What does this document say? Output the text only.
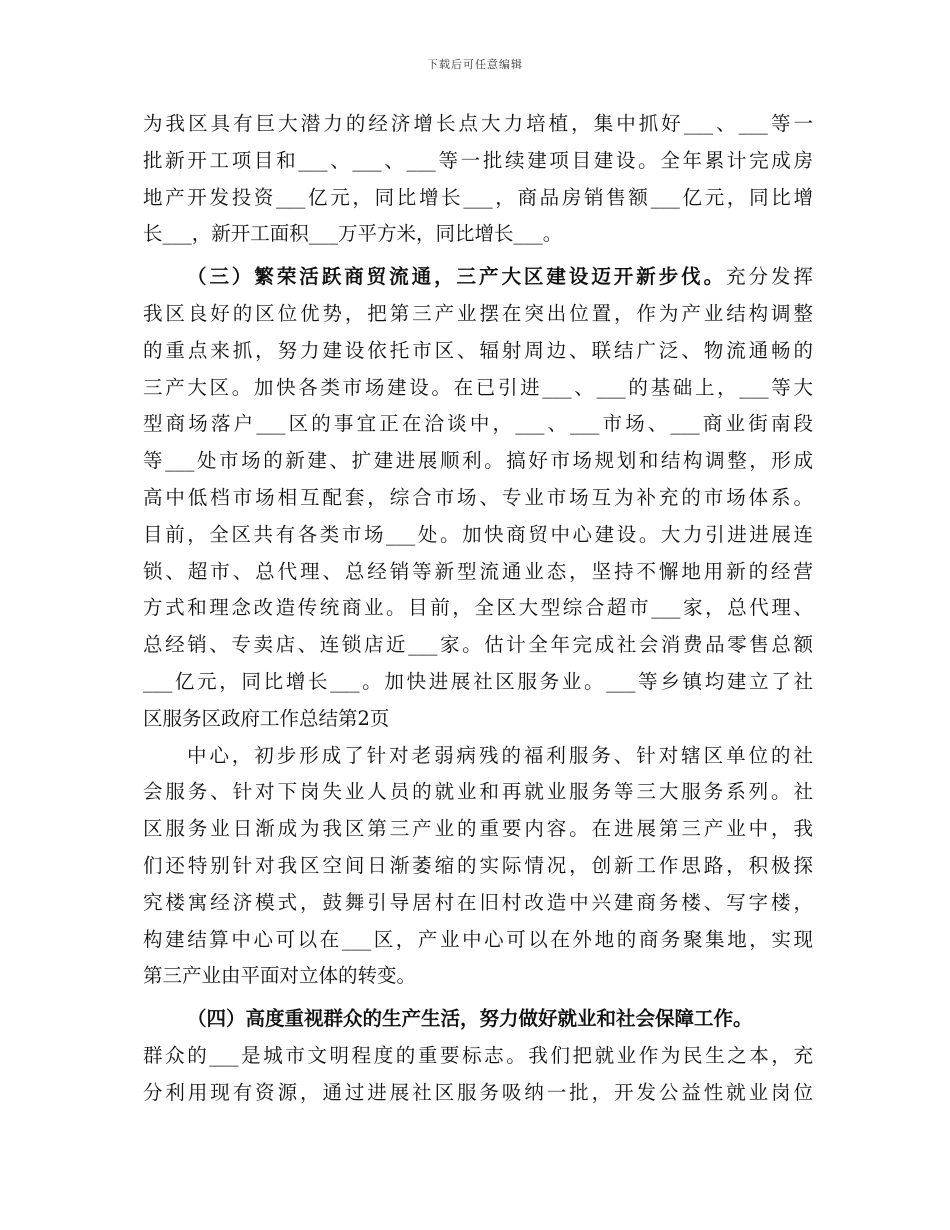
下载后可任意编辑
为我区具有巨大潜力的经济增长点大力培植，集中抓好___、___等一
批新开工项目和___、___、___等一批续建项目建设。全年累计完成房
地产开发投资___亿元，同比增长___，商品房销售额___亿元，同比增
长___，新开工面积___万平方米，同比增长___。
（三）繁荣活跃商贸流通，三产大区建设迈开新步伐。充分发挥
我区良好的区位优势，把第三产业摆在突出位置，作为产业结构调整
的重点来抓，努力建设依托市区、辐射周边、联结广泛、物流通畅的
三产大区。加快各类市场建设。在已引进___、___的基础上，___等大
型商场落户___区的事宜正在洽谈中，___、___市场、___商业街南段
等___处市场的新建、扩建进展顺利。搞好市场规划和结构调整，形成
高中低档市场相互配套，综合市场、专业市场互为补充的市场体系。
目前，全区共有各类市场___处。加快商贸中心建设。大力引进进展连
锁、超市、总代理、总经销等新型流通业态，坚持不懈地用新的经营
方式和理念改造传统商业。目前，全区大型综合超市___家，总代理、
总经销、专卖店、连锁店近___家。估计全年完成社会消费品零售总额
___亿元，同比增长___。加快进展社区服务业。___等乡镇均建立了社
区服务区政府工作总结第2页
中心，初步形成了针对老弱病残的福利服务、针对辖区单位的社
会服务、针对下岗失业人员的就业和再就业服务等三大服务系列。社
区服务业日渐成为我区第三产业的重要内容。在进展第三产业中，我
们还特别针对我区空间日渐萎缩的实际情况，创新工作思路，积极探
究楼寓经济模式，鼓舞引导居村在旧村改造中兴建商务楼、写字楼，
构建结算中心可以在___区，产业中心可以在外地的商务聚集地，实现
第三产业由平面对立体的转变。
（四）高度重视群众的生产生活，努力做好就业和社会保障工作。
群众的___是城市文明程度的重要标志。我们把就业作为民生之本，充
分利用现有资源，通过进展社区服务吸纳一批，开发公益性就业岗位
